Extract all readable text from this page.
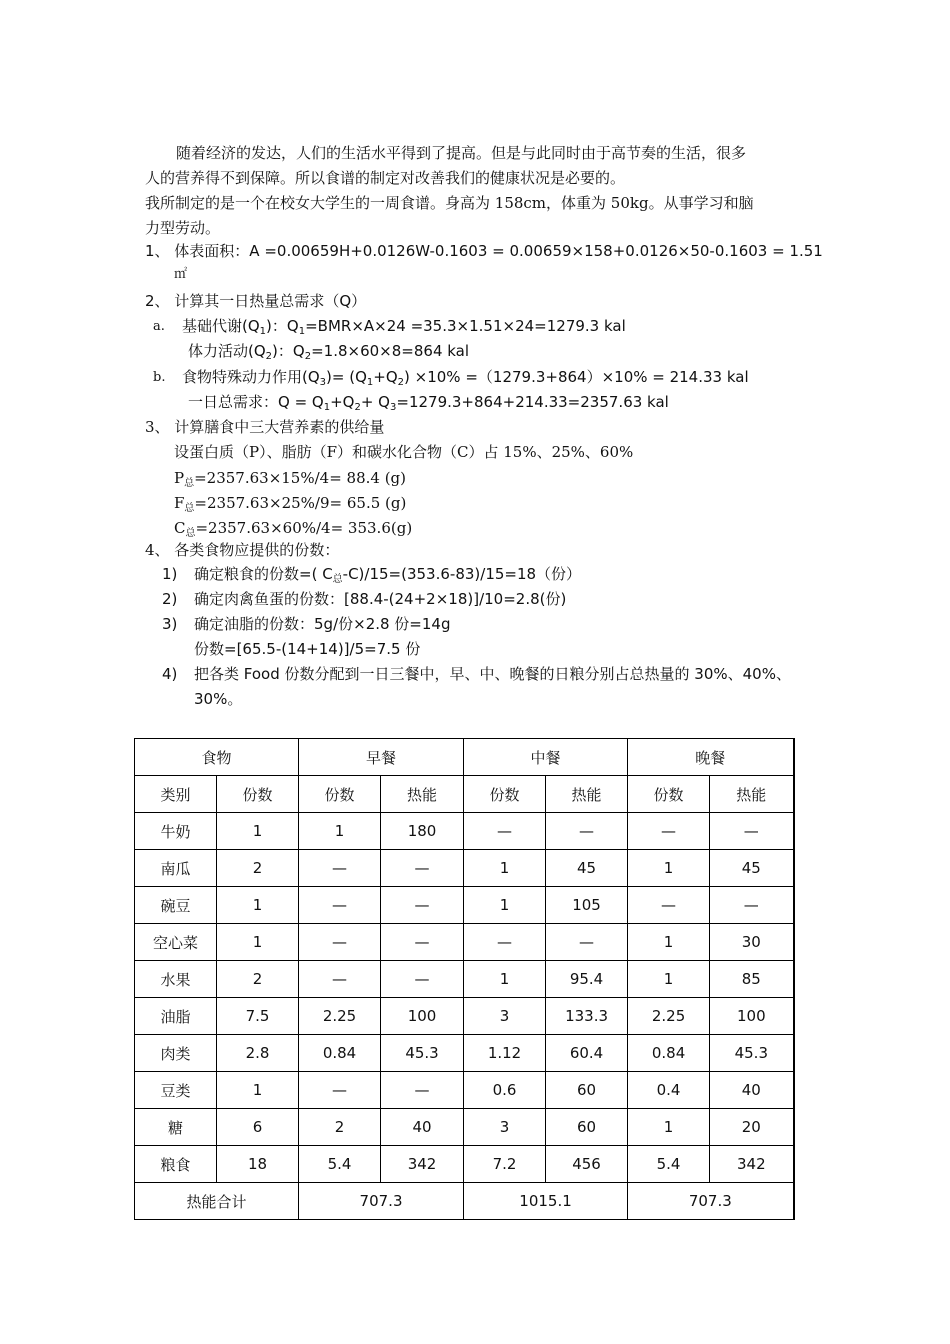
随着经济的发达，人们的生活水平得到了提高。但是与此同时由于高节奏的生活，很多
人的营养得不到保障。所以食谱的制定对改善我们的健康状况是必要的。
我所制定的是一个在校女大学生的一周食谱。身高为 158cm，体重为 50kg。从事学习和脑
力型劳动。
1、 体表面积：A =0.00659H+0.0126W-0.1603 = 0.00659×158+0.0126×50-0.1603 = 1.51
㎡
2、 计算其一日热量总需求（Q）
a. 基础代谢$(Q_1)$：$Q_1=BMR\times A\times 24 =35.3\times 1.51\times 24=1279.3$ kal
体力活动$(Q_2)$：$Q_2=1.8\times 60\times 8=864$ kal
b. 食物特殊动力作用$(Q_3)= (Q_1+Q_2) \times 10\% =(1279.3+864)\times 10\% = 214.33$ kal
一日总需求：$Q = Q_1+Q_2+ Q_3=1279.3+864+214.33=2357.63$ kal
3、 计算膳食中三大营养素的供给量
设蛋白质（P）、脂肪（F）和碳水化合物（C）占 15%、25%、60%
$P_总=2357.63\times 15\%/4= 88.4$ (g)
$F_总=2357.63\times 25\%/9= 65.5$ (g)
$C_总=2357.63\times 60\%/4= 353.6(g)$
4、 各类食物应提供的份数：
1) 确定粮食的份数=( $C_总-C)/15=(353.6-83)/15=18$（份）
2) 确定肉禽鱼蛋的份数：[88.4-(24+2×18)]/10=2.8(份)
3) 确定油脂的份数：5g/份×2.8 份=14g
份数=[65.5-(14+14)]/5=7.5 份
4) 把各类 Food 份数分配到一日三餐中，早、中、晚餐的日粮分别占总热量的 30%、40%、
30%。
食物		早餐		中餐		晚餐	
类别	份数	份数	热能	份数	热能	份数	热能
牛奶	1	1	180	—	—	—	—
南瓜	2	—	—	1	45	1	45
碗豆	1	—	—	1	105	—	—
空心菜	1	—	—	—	—	1	30
水果	2	—	—	1	95.4	1	85
油脂	7.5	2.25	100	3	133.3	2.25	100
肉类	2.8	0.84	45.3	1.12	60.4	0.84	45.3
豆类	1	—	—	0.6	60	0.4	40
糖	6	2	40	3	60	1	20
粮食	18	5.4	342	7.2	456	5.4	342
热能合计		707.3		1015.1		707.3	
